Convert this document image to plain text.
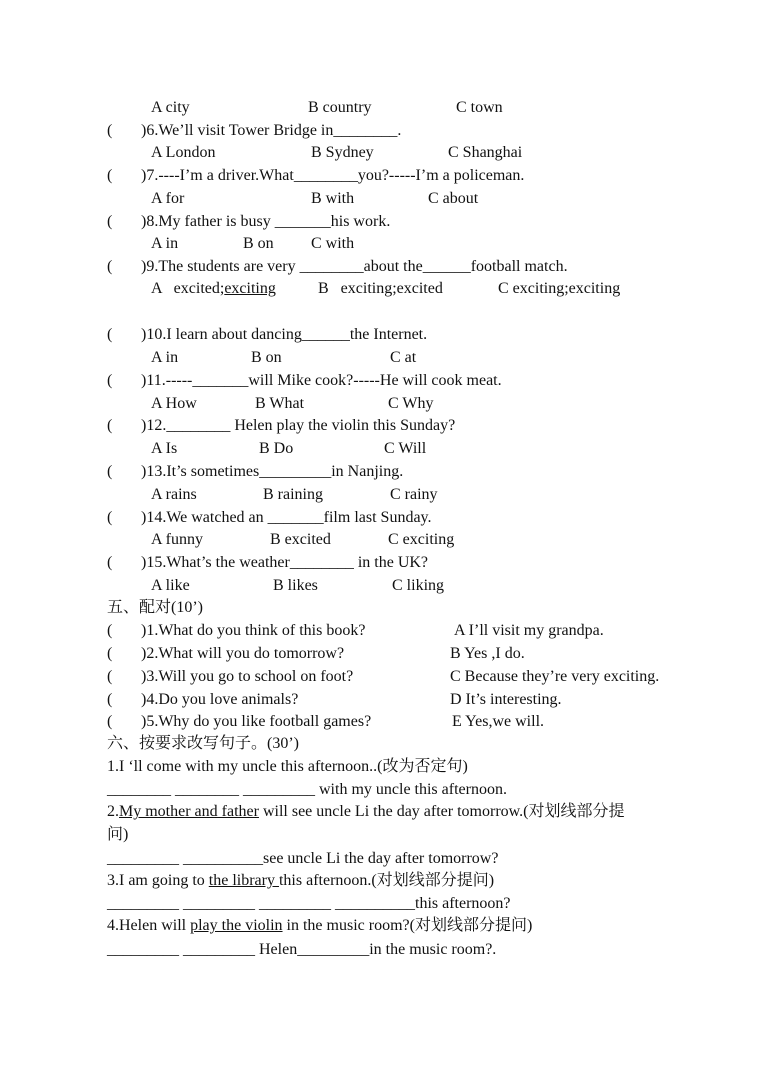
A city	B country	C town
( )6.We’ll visit Tower Bridge in________.
A London	B Sydney	C Shanghai
( )7.----I’m a driver.What________you?-----I’m a policeman.
A for	B with	C about
( )8.My father is busy _______his work.
A in	B on C with
( )9.The students are very ________about the______football match.
A   excited;exciting	B   exciting;excited	C exciting;exciting
( )10.I learn about dancing______the Internet.
A in	B on	C at
( )11.-----_______will Mike cook?-----He will cook meat.
A How	B What	C Why
( )12.________ Helen play the violin this Sunday?
A Is	B Do	C Will
( )13.It’s sometimes_________in Nanjing.
A rains	B raining	C rainy
( )14.We watched an _______film last Sunday.
A funny	B excited	C exciting
( )15.What’s the weather________ in the UK?
A like	B likes	C liking
五、配对(10’)
( )1.What do you think of this book?	A I’ll visit my grandpa.
( )2.What will you do tomorrow?	B Yes ,I do.
( )3.Will you go to school on foot?	C Because they’re very exciting.
( )4.Do you love animals?	D It’s interesting.
( )5.Why do you like football games?	E Yes,we will.
六、按要求改写句子。(30’)
1.I ‘ll come with my uncle this afternoon..(改为否定句)
________ ________ _________ with my uncle this afternoon.
2.My mother and father will see uncle Li the day after tomorrow.(对划线部分提
问)
_________ __________see uncle Li the day after tomorrow?
3.I am going to the library this afternoon.(对划线部分提问)
_________ _________ _________ __________this afternoon?
4.Helen will play the violin in the music room?(对划线部分提问)
_________ _________ Helen_________in the music room?.
